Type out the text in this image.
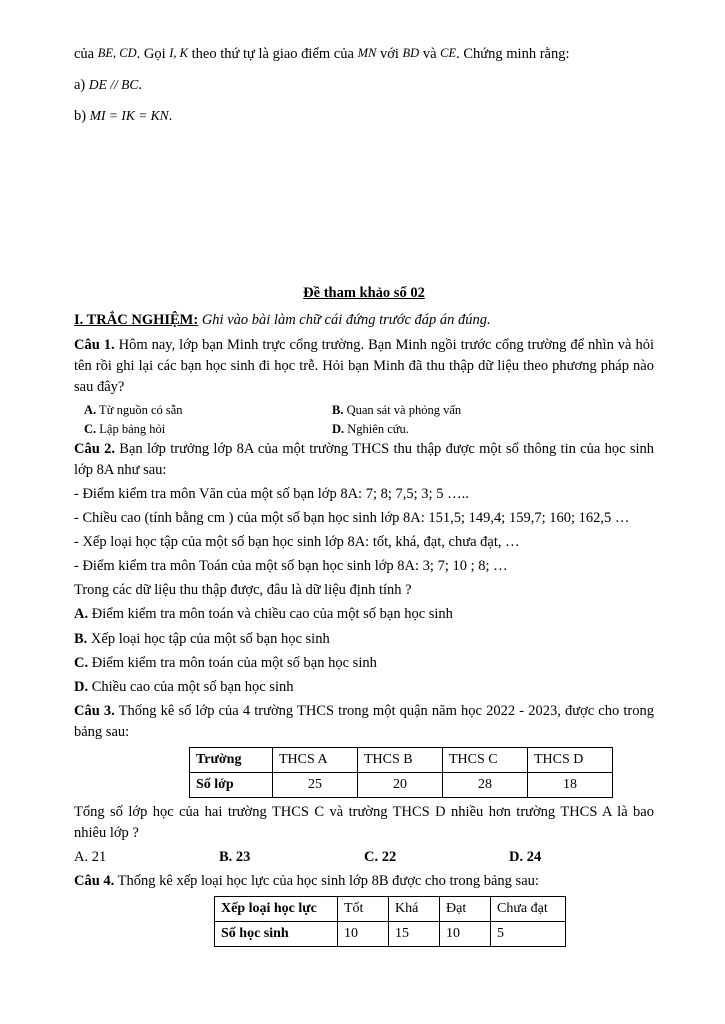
của BE, CD. Gọi I, K theo thứ tự là giao điểm của MN với BD và CE. Chứng minh rằng:

a) DE // BC.

b) MI = IK = KN.

Đề tham khảo số 02

I. TRẮC NGHIỆM: Ghi vào bài làm chữ cái đứng trước đáp án đúng.

Câu 1. Hôm nay, lớp bạn Minh trực cổng trường. Bạn Minh ngồi trước cổng trường để nhìn và hỏi tên rồi ghi lại các bạn học sinh đi học trễ. Hỏi bạn Minh đã thu thập dữ liệu theo phương pháp nào sau đây?

A. Từ nguồn có sẵn	B. Quan sát và phỏng vấn
C. Lập bảng hỏi	D. Nghiên cứu.

Câu 2. Bạn lớp trưởng lớp 8A của một trường THCS thu thập được một số thông tin của học sinh lớp 8A như sau:

- Điểm kiểm tra môn Văn của một số bạn lớp 8A: 7; 8; 7,5; 3; 5 …..

- Chiều cao (tính bằng cm ) của một số bạn học sinh lớp 8A: 151,5; 149,4; 159,7; 160; 162,5 …

- Xếp loại học tập của một số bạn học sinh lớp 8A: tốt, khá, đạt, chưa đạt, …

- Điểm kiểm tra môn Toán của một số bạn học sinh lớp 8A: 3; 7; 10 ; 8; …

Trong các dữ liệu thu thập được, đâu là dữ liệu định tính ?

A. Điểm kiểm tra môn toán và chiều cao của một số bạn học sinh

B. Xếp loại học tập của một số bạn học sinh

C. Điểm kiểm tra môn toán của một số bạn học sinh

D. Chiều cao của một số bạn học sinh

Câu 3. Thống kê số lớp của 4 trường THCS trong một quận năm học 2022 - 2023, được cho trong bảng sau:

Trường	THCS A	THCS B	THCS C	THCS D
Số lớp	25	20	28	18

Tổng số lớp học của hai trường THCS C và trường THCS D nhiều hơn trường THCS A là bao nhiêu lớp ?

A. 21	B. 23	C. 22	D. 24

Câu 4. Thống kê xếp loại học lực của học sinh lớp 8B được cho trong bảng sau:

Xếp loại học lực	Tốt	Khá	Đạt	Chưa đạt
Số học sinh	10	15	10	5
